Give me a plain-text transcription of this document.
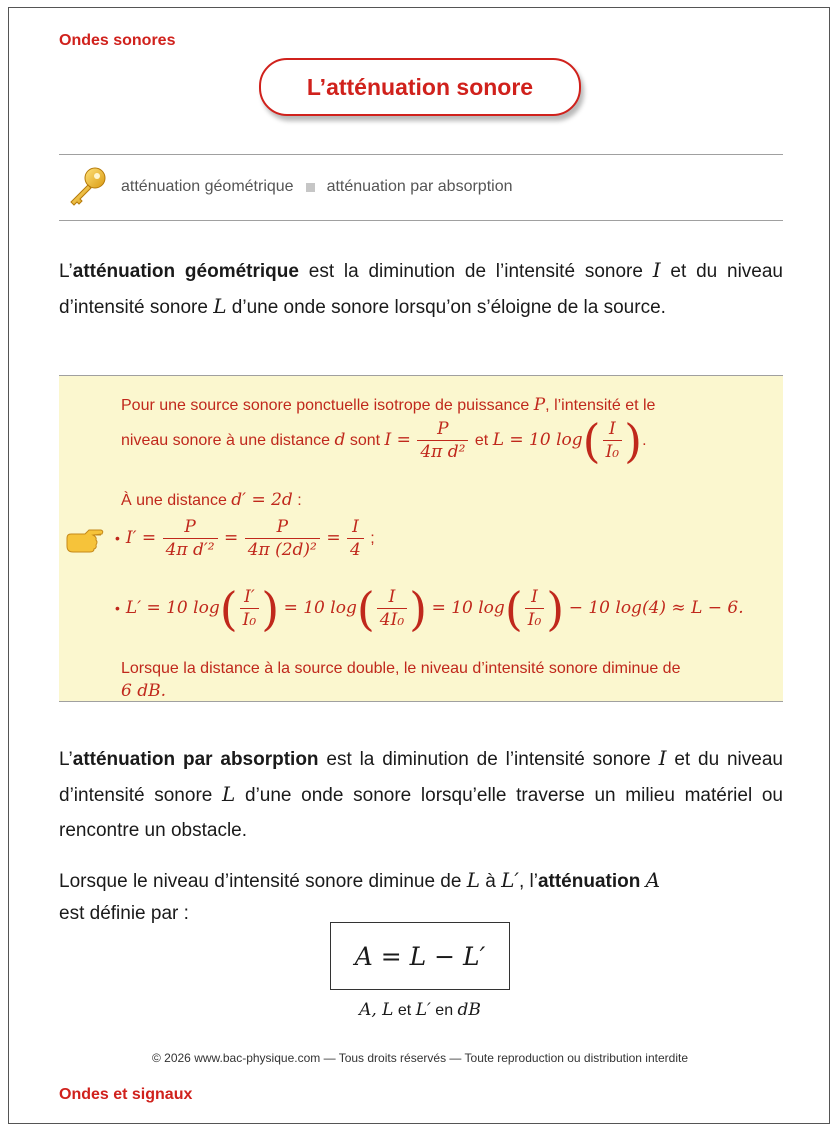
Ondes sonores
L’atténuation sonore
atténuation géométrique atténuation par absorption
L’atténuation géométrique est la diminution de l’intensité sonore I et du niveau d’intensité sonore L d’une onde sonore lorsqu’on s’éloigne de la source.
Pour une source sonore ponctuelle isotrope de puissance P, l’intensité et le
niveau sonore à une distance d sont $I = \frac{P}{\text{4π d²}}$ et L = 10 $\log( \frac{I}{\text{I₀}}$ ).
À une distance d′ = 2d :
• $I' = \frac{P}{\text{4π d′²}} = \frac{P}{\text{4π (2d)²}} = \frac{I}{4}$ ;
• L′ = 10 $\log( \frac{I'}{\text{I₀}}$ ) = 10 $\log( \frac{I}{\text{4I₀}}$ ) = 10 $\log( \frac{I}{\text{I₀}}$ ) − 10 log(4) ≈ L − 6.
Lorsque la distance à la source double, le niveau d’intensité sonore diminue de
6 dB.
L’atténuation par absorption est la diminution de l’intensité sonore I et du niveau d’intensité sonore L d’une onde sonore lorsqu’elle traverse un milieu matériel ou rencontre un obstacle.
Lorsque le niveau d’intensité sonore diminue de L à L′, l’atténuation A
est définie par :
A = L − L′
A, L et L′ en dB
© 2026 www.bac-physique.com — Tous droits réservés — Toute reproduction ou distribution interdite
Ondes et signaux
